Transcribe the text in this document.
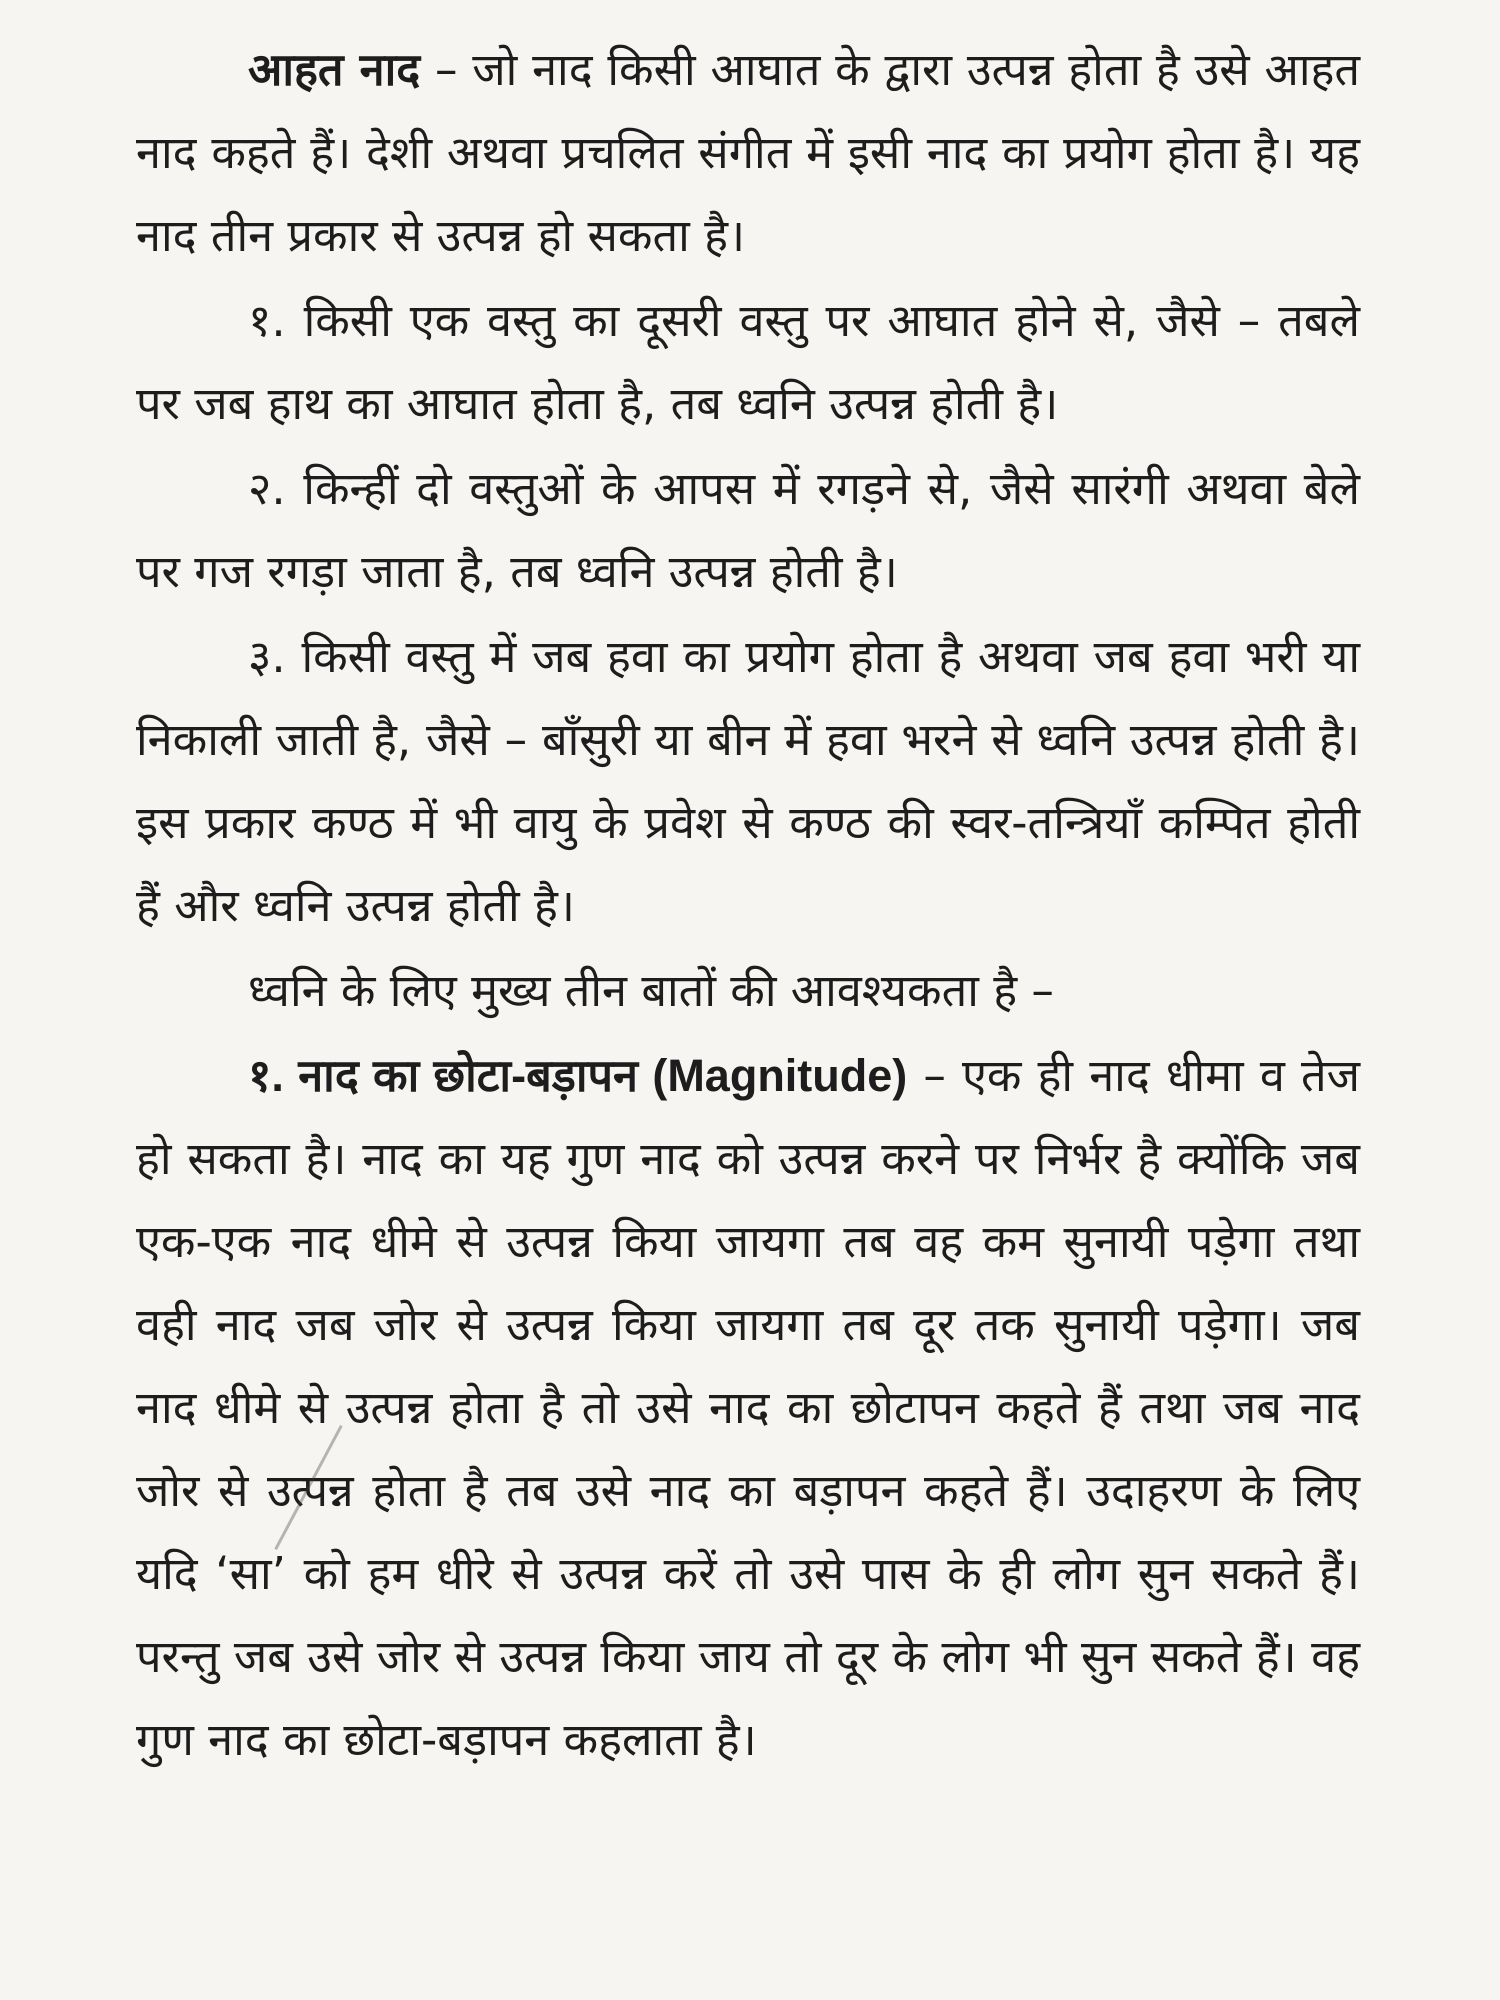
आहत नाद – जो नाद किसी आघात के द्वारा उत्पन्न होता है उसे आहत नाद कहते हैं। देशी अथवा प्रचलित संगीत में इसी नाद का प्रयोग होता है। यह नाद तीन प्रकार से उत्पन्न हो सकता है।

१. किसी एक वस्तु का दूसरी वस्तु पर आघात होने से, जैसे – तबले पर जब हाथ का आघात होता है, तब ध्वनि उत्पन्न होती है।

२. किन्हीं दो वस्तुओं के आपस में रगड़ने से, जैसे सारंगी अथवा बेले पर गज रगड़ा जाता है, तब ध्वनि उत्पन्न होती है।

३. किसी वस्तु में जब हवा का प्रयोग होता है अथवा जब हवा भरी या निकाली जाती है, जैसे – बाँसुरी या बीन में हवा भरने से ध्वनि उत्पन्न होती है। इस प्रकार कण्ठ में भी वायु के प्रवेश से कण्ठ की स्वर-तन्त्रियाँ कम्पित होती हैं और ध्वनि उत्पन्न होती है।

ध्वनि के लिए मुख्य तीन बातों की आवश्यकता है –

१. नाद का छोटा-बड़ापन (Magnitude) – एक ही नाद धीमा व तेज हो सकता है। नाद का यह गुण नाद को उत्पन्न करने पर निर्भर है क्योंकि जब एक-एक नाद धीमे से उत्पन्न किया जायगा तब वह कम सुनायी पड़ेगा तथा वही नाद जब जोर से उत्पन्न किया जायगा तब दूर तक सुनायी पड़ेगा। जब नाद धीमे से उत्पन्न होता है तो उसे नाद का छोटापन कहते हैं तथा जब नाद जोर से उत्पन्न होता है तब उसे नाद का बड़ापन कहते हैं। उदाहरण के लिए यदि ‘सा’ को हम धीरे से उत्पन्न करें तो उसे पास के ही लोग सुन सकते हैं। परन्तु जब उसे जोर से उत्पन्न किया जाय तो दूर के लोग भी सुन सकते हैं। वह गुण नाद का छोटा-बड़ापन कहलाता है।
